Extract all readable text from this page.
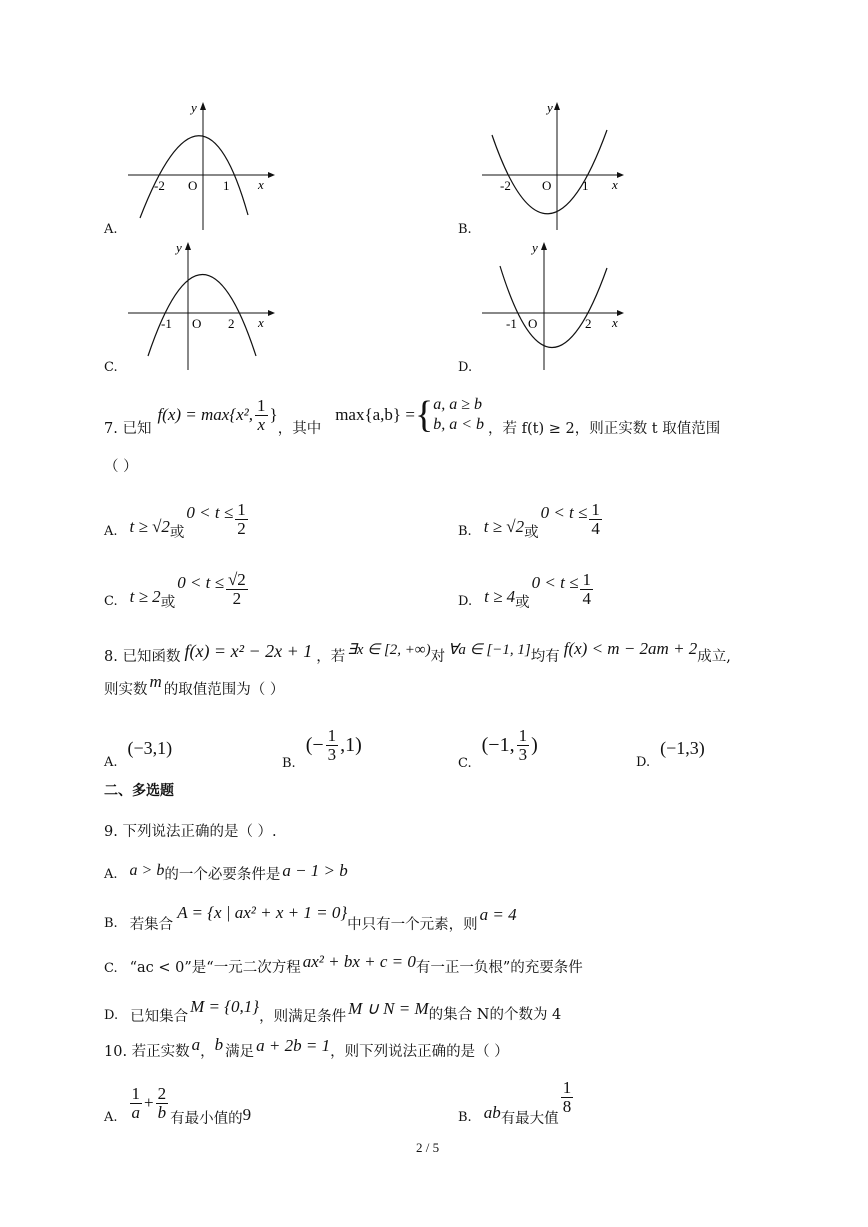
y
x
O
-2	1
A.
y
x
O
-2	1
B.
y
x
O
-1	2
C.
y
x
O
-1	2
D.
7. 已知
f(x) = max{x², $\frac{1}{x}$ }
，其中
max{a,b} = { a, a ≥ b
b, a < b ，若 f(t) ≥ 2 ，则正实数 t 取值范围
（ ）
A. t ≥ √2 或
$0 < t \le \frac{1}{2}$	B. t ≥ √2 或
$0 < t \le \frac{1}{4}$
C. t ≥ 2 或
$0 < t \le \frac{√2}{2}$	D. t ≥ 4 或
$0 < t \le \frac{1}{4}$
8. 已知函数 f(x) = x² − 2x + 1 ，若 ∃x ∈ [2, +∞) 对 ∀a ∈ [−1, 1] 均有 f(x) < m − 2am + 2 成立,
则实数 m 的取值范围为（ ）
A.
(−3,1)
B.
(− $\frac{1}{3} ,1$)
C.
(−1, $\frac{1}{3}$ )
D.
(−1,3)
二、多选题
9. 下列说法正确的是（ ）.
A. a > b 的一个必要条件是 a − 1 > b
B. 若集合
A = {x | ax² + x + 1 = 0}
中只有一个元素，则
a = 4
C. “ac < 0”是“一元二次方程 ax² + bx + c = 0 有一正一负根”的充要条件
D. 已知集合
M = {0,1}
，则满足条件 M ∪ N = M 的集合 N的个数为 4
10. 若正实数 a ， b 满足 a + 2b = 1 ，则下列说法正确的是（ ）
A. $\frac{1}{a} + \frac{2}{b}$ 有最小值的 9	B. ab 有最大值
$\frac{1}{8}$
2 / 5
